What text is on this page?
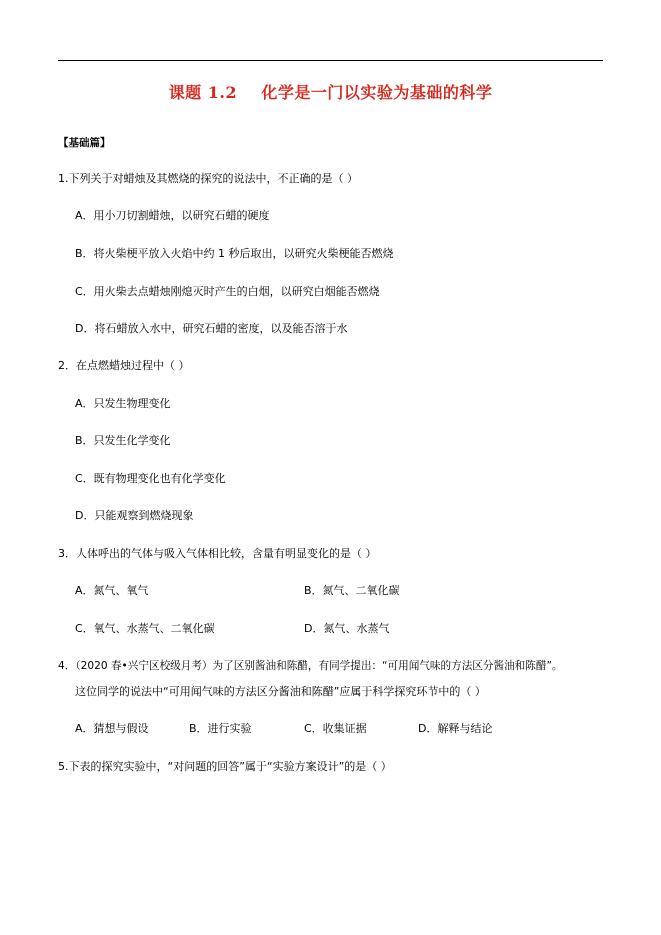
课题 1.2    化学是一门以实验为基础的科学
【基础篇】
1.下列关于对蜡烛及其燃烧的探究的说法中，不正确的是（ ）
A．用小刀切割蜡烛，以研究石蜡的硬度
B．将火柴梗平放入火焰中约 1 秒后取出，以研究火柴梗能否燃烧
C．用火柴去点蜡烛刚熄灭时产生的白烟，以研究白烟能否燃烧
D．将石蜡放入水中，研究石蜡的密度，以及能否溶于水
2．在点燃蜡烛过程中（ ）
A．只发生物理变化
B．只发生化学变化
C．既有物理变化也有化学变化
D．只能观察到燃烧现象
3．人体呼出的气体与吸入气体相比较，含量有明显变化的是（ ）
A．氮气、氧气	B．氮气、二氧化碳
C．氧气、水蒸气、二氧化碳	D．氮气、水蒸气
4．（2020 春•兴宁区校级月考）为了区别酱油和陈醋，有同学提出：“可用闻气味的方法区分酱油和陈醋”。
这位同学的说法中“可用闻气味的方法区分酱油和陈醋”应属于科学探究环节中的（ ）
A．猜想与假设	B．进行实验	C．收集证据	D．解释与结论
5.下表的探究实验中，“对问题的回答”属于“实验方案设计”的是（ ）
